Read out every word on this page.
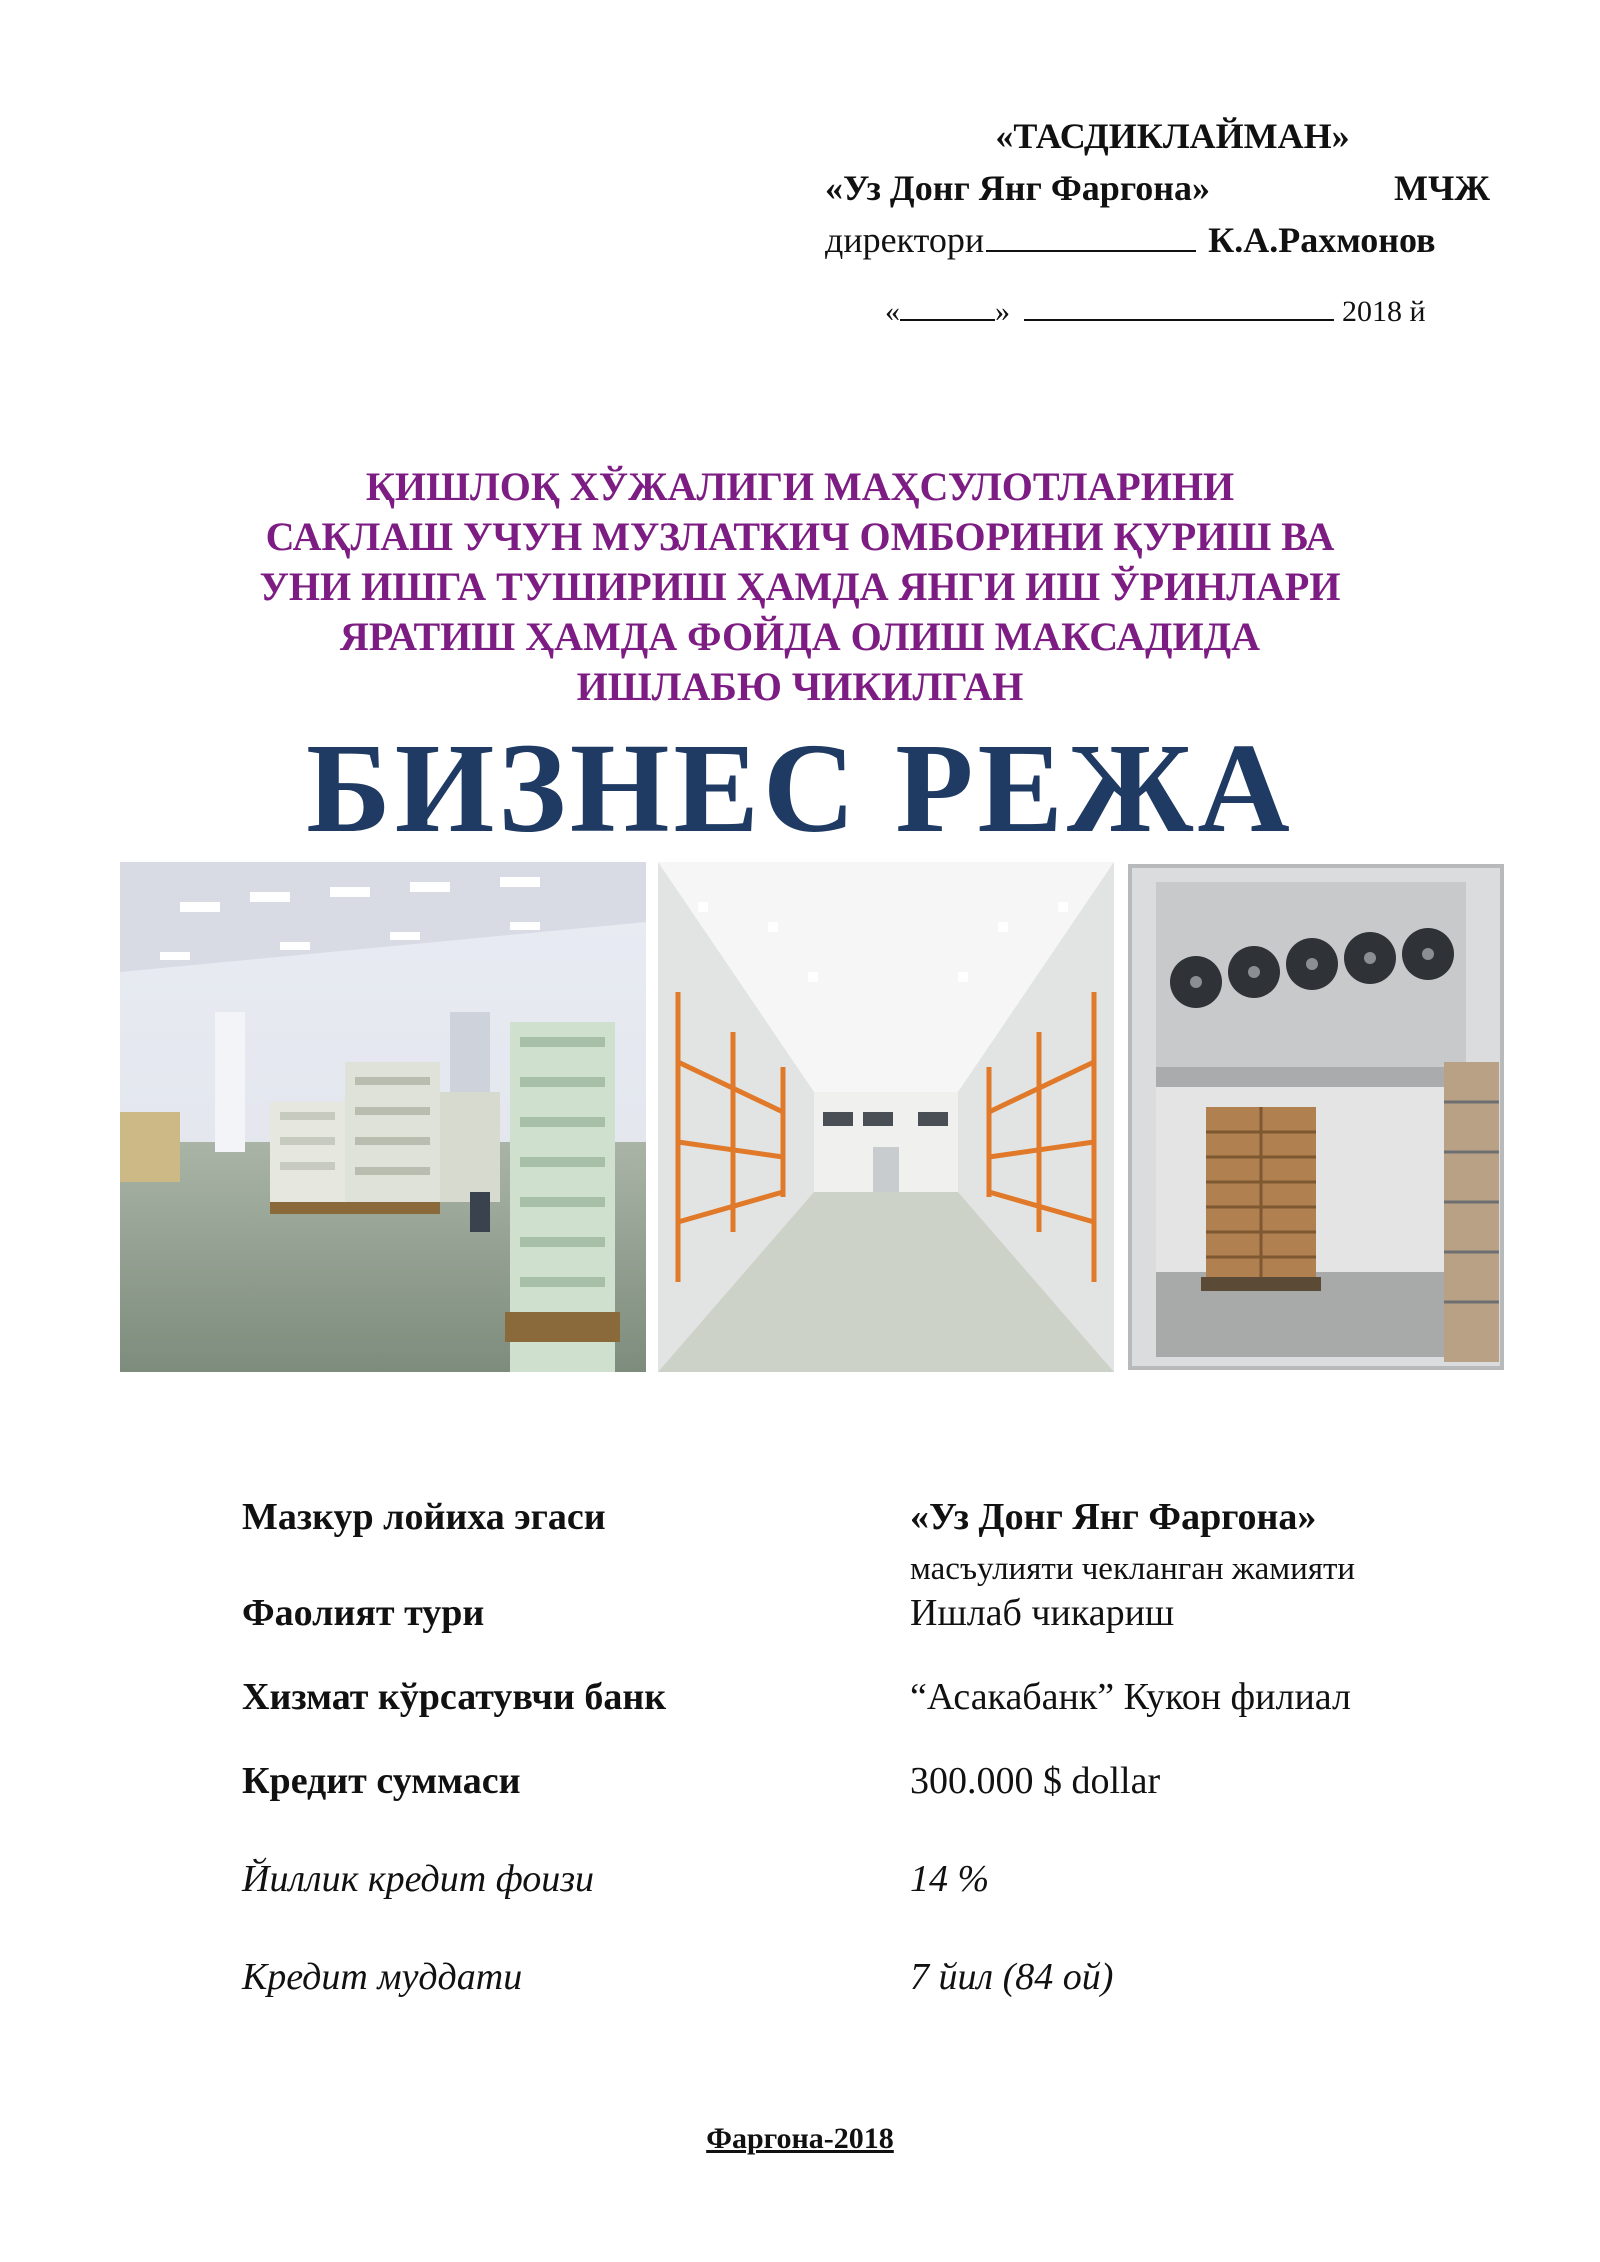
«ТАСДИКЛАЙМАН»
«Уз Донг Янг Фаргона»	МЧЖ
директори	К.А.Рахмонов
«	»	2018 й
ҚИШЛОҚ ХЎЖАЛИГИ МАҲСУЛОТЛАРИНИ
САҚЛАШ УЧУН МУЗЛАТКИЧ ОМБОРИНИ ҚУРИШ ВА
УНИ ИШГА ТУШИРИШ ҲАМДА ЯНГИ ИШ ЎРИНЛАРИ
ЯРАТИШ ҲАМДА ФОЙДА ОЛИШ МАКСАДИДА
ИШЛАБЮ ЧИКИЛГАН
БИЗНЕС РЕЖА
Мазкур лойиха эгаси	«Уз Донг Янг Фаргона»
масъулияти чекланган жамияти
Фаолият тури	Ишлаб чикариш
Хизмат кўрсатувчи банк	“Асакабанк” Кукон филиал
Кредит суммаси	300.000 $ dollar
Йиллик кредит фоизи	14 %
Кредит муддати	7 йил (84 ой)
Фаргона-2018
